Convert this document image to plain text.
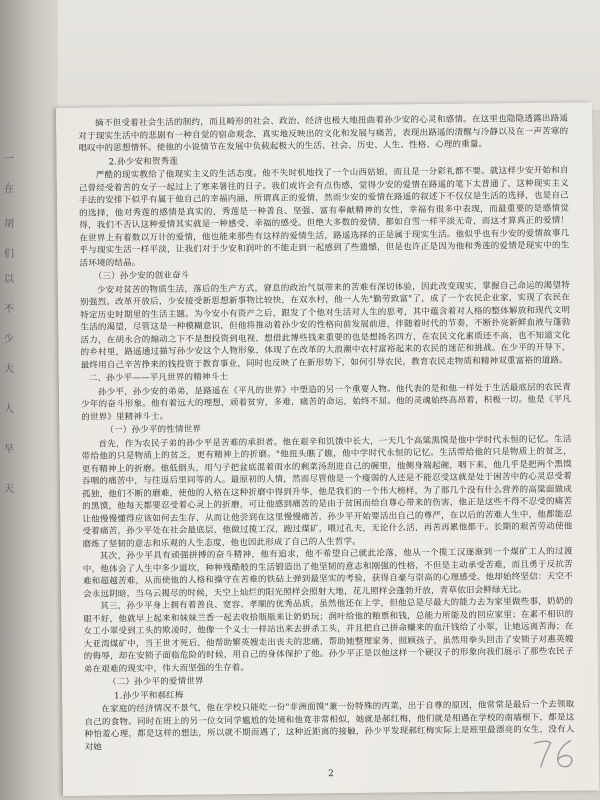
一
在
胡
们
以
不
少
大
人
早
天

摘不但受着社会生活的制约，而且畸形的社会、政治、经济也极大地扭曲着孙少安的心灵和感情。在这里也隐隐透露出路遥对于现实生活中的悲剧有一种自觉的宿命观念，真实地反映出的文化和发展与痛苦，表现出路遥的清醒与冷静以及在一声苦寒的唱叹中的思想情怀。使他的小说情节在发展中负载起极大的生活、社会、历史、人生、性格、心理的重量。

2.孙少安和贺秀莲

严酷的现实教给了他现实主义的生活态度。他不失时机地找了一个山西姑娘，而且是一分彩礼都不要。就这样少安开始和自己曾经受着苦的女子一起过上了寒来暑往的日子。我们或许会有点伤感，觉得少安的爱情在路遥的笔下太普通了，这种现实主义手法的安排下似乎有属于他自己的幸福内涵，所谓真正的爱情，然而少安的爱情在路遥的叙述下不仅仅是生活的选择，也是自己的选择，他对秀莲的感情是真实的，秀莲是一种善良、坚强、富有奉献精神的女性，幸福有很多中表现，而最重要的是感情觉得，我们不否认这种爱情其实就是一种感受、幸福的感受。但绝大多数的爱情，都如自雪一样平淡无奇，而这才算真正的爱情！在世界上有着数以万计的爱情，他也能来那些有这样的爱情生活，路遥选择的正是属于现实生活。他似乎也有少安的爱情故事几乎与现实生活一样平淡，让我们对于少安和润叶的不能走到一起感到了些遗憾，但是也许正是因为他和秀莲的爱情是现实中的生活环境的结晶。

（三）孙少安的创业奋斗

少安对贫苦的物质生活，落后的生产方式，窘息的政治气氛带来的苦难有深切体验，因此改变现实，掌握自己命运的渴望特别强烈。改革开放后，少安接受新思想新事物比较快，在双水村，他一人先"勤劳致富"了，成了一个农民企业家，实现了农民在特定历史时期里的生活主题。为今安小有资产之后，跟发了个他对生活对人生的思考，其中蕴含着对人格的整体解放和现代文明生活的渴望，尽管这是一种模糊意识，但他将推动着孙少安的性格向前发展前进，伴随着时代的节奏，不断扑亮新鲜血液与蓬勃活力，在胡永合的煽动之下不是想投资到电视，想借此博些钱来重要的也是想扬名四方，在农民文化素质还不高，也不知道文化的乡村里，路遥通过描写孙少安这个人物形象，体现了在改革的大浪潮中农村富裕起来的农民的迷茫和挑战。在少平的开导下，最终用自己辛苦挣来的钱投资于教育事业，同时也反映了在新形势下，如何引导农民，教育农民走物质和精神双重富裕的道路。

二、孙少平——平凡世界的精神斗士

孙少平，孙少安的弟弟，是路遥在《平凡的世界》中塑造的另一个重要人物。他代表的是和他一样处于生活最底层的农民青少年的奋斗形象。他有着远大的理想，顽着贫穷，多难，痛苦的命运，始终不屈。他的灵魂始终高昂着，积极一切。他是《平凡的世界》里精神斗士。

（一）孙少平的性情世界

首先，作为农民子弟的孙少平是苦难的承担者。他在艰辛和饥饿中长大，一天几个高粱黑馍是他中学时代永恒的记忆。生活带给他的只是物质上的贫乏，更有精神上的折磨。"他扭头瞧了瞧，他中学时代永恒的记忆。生活带给他的只是物质上的贫乏，更有精神上的折磨。他低倒头，用勺子把盆底混着雨水的剩菜汤刮进自己的碗里，他侧身端起碗，咽下来，他几乎是把两个黑馍吞咽的痛苦中，与往返后里同等的人。最原初的人情，然而尽管他是一个瘦弱的人还是不能忍受这就是处于困苦中的心灵忍受着孤独，他们不断的磨难，使他的人格在这种折磨中得到升华，他是我们的一个伟大榜样，为了那几个没有什么营养的高粱面做成的黑馍，他每天都要忍受着心灵上的折磨，可让他感到痛苦的是由于贫困而给自尊心带来的伤害，他正是这些不得不忍受的痛苦让他慢慢懂得应该如何去生存，从而让他尝到在这里慢慢痛苦，孙少平开始要活出自己的尊严，在以后的苦难人生中，他都能忍受着痛苦，孙少平处在社会最底层，他做过揽工汉，跑过煤矿，喂过孔夫，无论什么活，再苦再累他都干。长期的艰苦劳动使他磨炼了坚韧的意志和乐观的人生态度，他也因此形成了自己的人生哲学。

其次，孙少平具有顽强拼搏的奋斗精神，他有追求，他不希望自己就此沦落，他从一个揽工汉逐渐到一个煤矿工人的过渡中，他体会了人生中多少道坎，种种残酷般的生活锻造出了他坚韧的意志和刚强的性格，不但是主动承受苦难，而且勇于反抗苦难和超越苦难，从而使他的人格和操守在苦难的铁砧上弹到最坚实的考验，获得自豪与崇高的心理感受。他却始终坚信：天空不会永远阴暗，当乌云揭尽的时候，天空上灿烂的阳光照样会照射大地，花儿照样会蓬勃开放，青草依旧会鲜绿无比。

其三，孙少平身上拥有着善良、宽容、孝顺的优秀品质，虽然他还在上学，但他总是尽最大的能力去为家里做些事，奶奶的眼不好，他就早上起来和妹妹兰香一起去收拾瓶瓶来让奶奶玩；润叶给他的粮票和钱，总能力所能及的回应家里；在素不相识的女工小翠受到工头的欺凌时，他像一个义士一样站出来去拼杀工头，并且把自己拼命赚来的血汗钱给了小翠，让她远离苦海；在大亚湾煤矿中，当王世才死后，他帮助繁英嫂走出丧夫的悲痛，帮助她整理家务，照顾孩子，虽然用拳头回击了安锁子对惠英嫂的侮辱，却在安锁子面临危险的时候，用自己的身体保护了他。孙少平正是以他这样一个硬汉子的形象向我们展示了那些农民子弟在艰难的现实中，伟大而坚强的生存着。

（二）孙少平的爱情世界

1.孙少平和郝红梅

在家庭的经济情况不景气，他在学校只能吃一份"非洲面馍"兼一份特殊的丙菜，出于自尊的原因，他常常是最后一个去领取自己的食物。同时在班上的另一位女同学尴尬的处境和他竟非常相似，她就是郝红梅，他们就是相遇在学校的南墙根下，都是这种怕羞心理，都是这样的想法，所以就不期而遇了，这种近距离的接触，孙少平发现郝红梅实际上是班里最漂亮的女生，没有人对她

2
